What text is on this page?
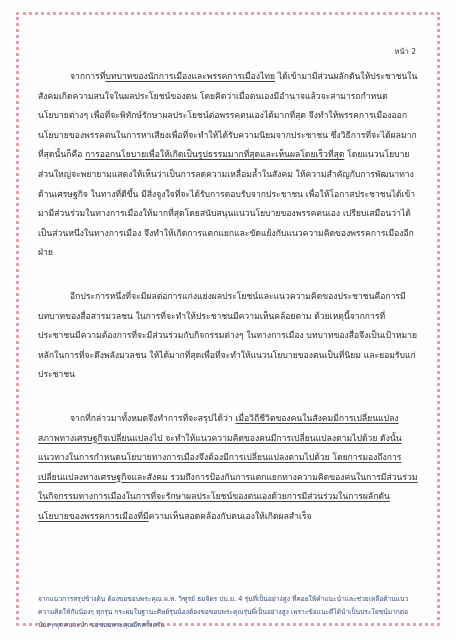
หน้า 2

จากการที่บทบาทของนักการเมืองและพรรคการเมืองไทย ได้เข้ามามีส่วนผลักดันให้ประชาชนในสังคมเกิดความสนใจในผลประโยชน์ของตน โดยคิดว่าเมื่อตนเองมีอำนาจแล้วจะสามารถกำหนดนโยบายต่างๆ เพื่อที่จะพิทักษ์รักษาผลประโยชน์ต่อพรรคตนเองได้มากที่สุด จึงทำให้พรรคการเมืองออกนโยบายของพรรคตนในการหาเสียงเพื่อที่จะทำให้ได้รับความนิยมจากประชาชน ซึ่งวิธีการที่จะได้ผลมากที่สุดนั้นก็คือ การออกนโยบายเพื่อให้เกิดเป็นรูปธรรมมากที่สุดและเห็นผลโดยเร็วที่สุด โดยแนวนโยบายส่วนใหญ่จะพยายามแสดงให้เห็นว่าเป็นการลดความเหลื่อมล้ำในสังคม ให้ความสำคัญกับการพัฒนาทางด้านเศรษฐกิจ ในทางที่ดีขึ้น มีสิ่งจูงใจที่จะได้รับการตอบรับจากประชาชน เพื่อให้โอกาสประชาชนได้เข้ามามีส่วนร่วมในทางการเมืองให้มากที่สุดโดยสนับสนุนแนวนโยบายของพรรคตนเอง เปรียบเสมือนว่าได้เป็นส่วนหนึ่งในทางการเมือง จึงทำให้เกิดการแตกแยกและขัดแย้งกับแนวความคิดของพรรคการเมืองอีกฝ่าย

อีกประการหนึ่งที่จะมีผลต่อการแก่งแย่งผลประโยชน์และแนวความคิดของประชาชนคือการมีบทบาทของสื่อสารมวลชน ในการที่จะทำให้ประชาชนมีความเห็นคล้อยตาม ด้วยเหตุนี้จากการที่ประชาชนมีความต้องการที่จะมีส่วนร่วมกับกิจกรรมต่างๆ ในทางการเมือง บทบาทของสื่อจึงเป็นเป้าหมายหลักในการที่จะดึงพลังมวลชน ให้ได้มากที่สุดเพื่อที่จะทำให้แนวนโยบายของตนเป็นที่นิยม และยอมรับแก่ประชาชน

จากที่กล่าวมาทั้งหมดจึงทำการที่จะสรุปได้ว่า เมื่อวิถีชีวิตของคนในสังคมมีการเปลี่ยนแปลง สภาพทางเศรษฐกิจเปลี่ยนแปลงไป จะทำให้แนวความคิดของคนมีการเปลี่ยนแปลงตามไปด้วย ดังนั้น แนวทางในการกำหนดนโยบายทางการเมืองจึงต้องมีการเปลี่ยนแปลงตามไปด้วย โดยการมองถึงการเปลี่ยนแปลงทางเศรษฐกิจและสังคม รวมถึงการป้องกันการแตกแยกทางความคิดของคนในการมีส่วนร่วมในกิจกรรมทางการเมืองในการที่จะรักษาผลประโยชน์ของตนเองด้วยการมีส่วนร่วมในการผลักดันนโยบายของพรรคการเมืองที่มีความเห็นสอดคล้องกับตนเองให้เกิดผลสำเร็จ

จากแนวการสรุปข้างต้น ต้องขอขอบพระคุณ ผ.ท. วิฑูรย์ ธมจิตร ปบ.ม. 4 รุ่นที่เป็นอย่างสูง ที่คอยให้คำแนะนำและช่วยเหลือด้านแนวความคิดให้กับน้องๆ ทุกรุ่น กระผมในฐานะศิษย์รุ่นน้องต้องขอขอบพระคุณรุ่นพี่เป็นอย่างสูง เพราะข้อแนะดีได้นำเป็นประโยชน์มากต่อน้องๆ ทุกคนจะนำ ขอขอบพระคุณอีกครั้งครับ
